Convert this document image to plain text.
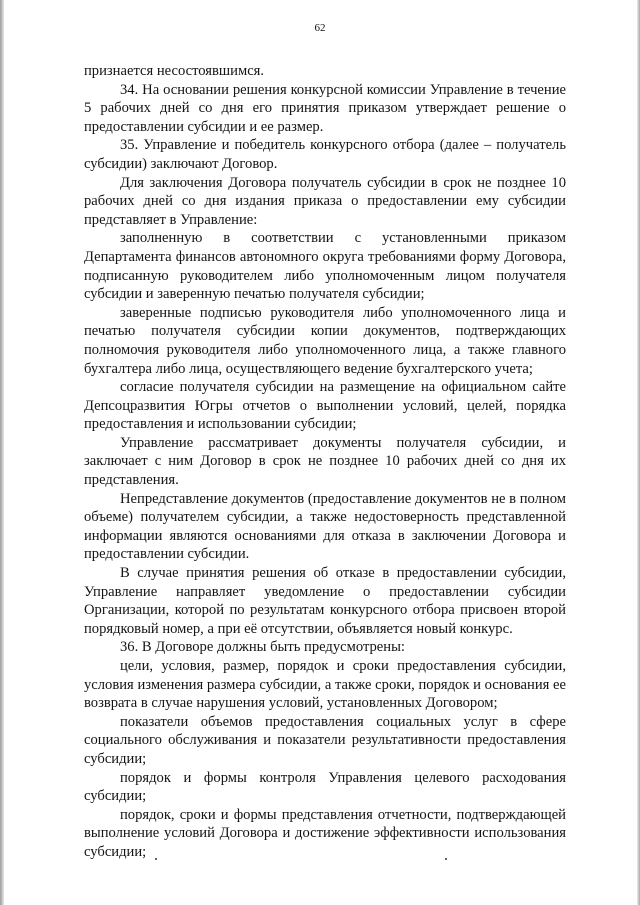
62

признается несостоявшимся.

34. На основании решения конкурсной комиссии Управление в течение 5 рабочих дней со дня его принятия приказом утверждает решение о предоставлении субсидии и ее размер.

35. Управление и победитель конкурсного отбора (далее – получатель субсидии) заключают Договор.

Для заключения Договора получатель субсидии в срок не позднее 10 рабочих дней со дня издания приказа о предоставлении ему субсидии представляет в Управление:

заполненную в соответствии с установленными приказом Департамента финансов автономного округа требованиями форму Договора, подписанную руководителем либо уполномоченным лицом получателя субсидии и заверенную печатью получателя субсидии;

заверенные подписью руководителя либо уполномоченного лица и печатью получателя субсидии копии документов, подтверждающих полномочия руководителя либо уполномоченного лица, а также главного бухгалтера либо лица, осуществляющего ведение бухгалтерского учета;

согласие получателя субсидии на размещение на официальном сайте Депсоцразвития Югры отчетов о выполнении условий, целей, порядка предоставления и использовании субсидии;

Управление рассматривает документы получателя субсидии, и заключает с ним Договор в срок не позднее 10 рабочих дней со дня их представления.

Непредставление документов (предоставление документов не в полном объеме) получателем субсидии, а также недостоверность представленной информации являются основаниями для отказа в заключении Договора и предоставлении субсидии.

В случае принятия решения об отказе в предоставлении субсидии, Управление направляет уведомление о предоставлении субсидии Организации, которой по результатам конкурсного отбора присвоен второй порядковый номер, а при её отсутствии, объявляется новый конкурс.

36. В Договоре должны быть предусмотрены:

цели, условия, размер, порядок и сроки предоставления субсидии, условия изменения размера субсидии, а также сроки, порядок и основания ее возврата в случае нарушения условий, установленных Договором;

показатели объемов предоставления социальных услуг в сфере социального обслуживания и показатели результативности предоставления субсидии;

порядок и формы контроля Управления целевого расходования субсидии;

порядок, сроки и формы представления отчетности, подтверждающей выполнение условий Договора и достижение эффективности использования субсидии;
